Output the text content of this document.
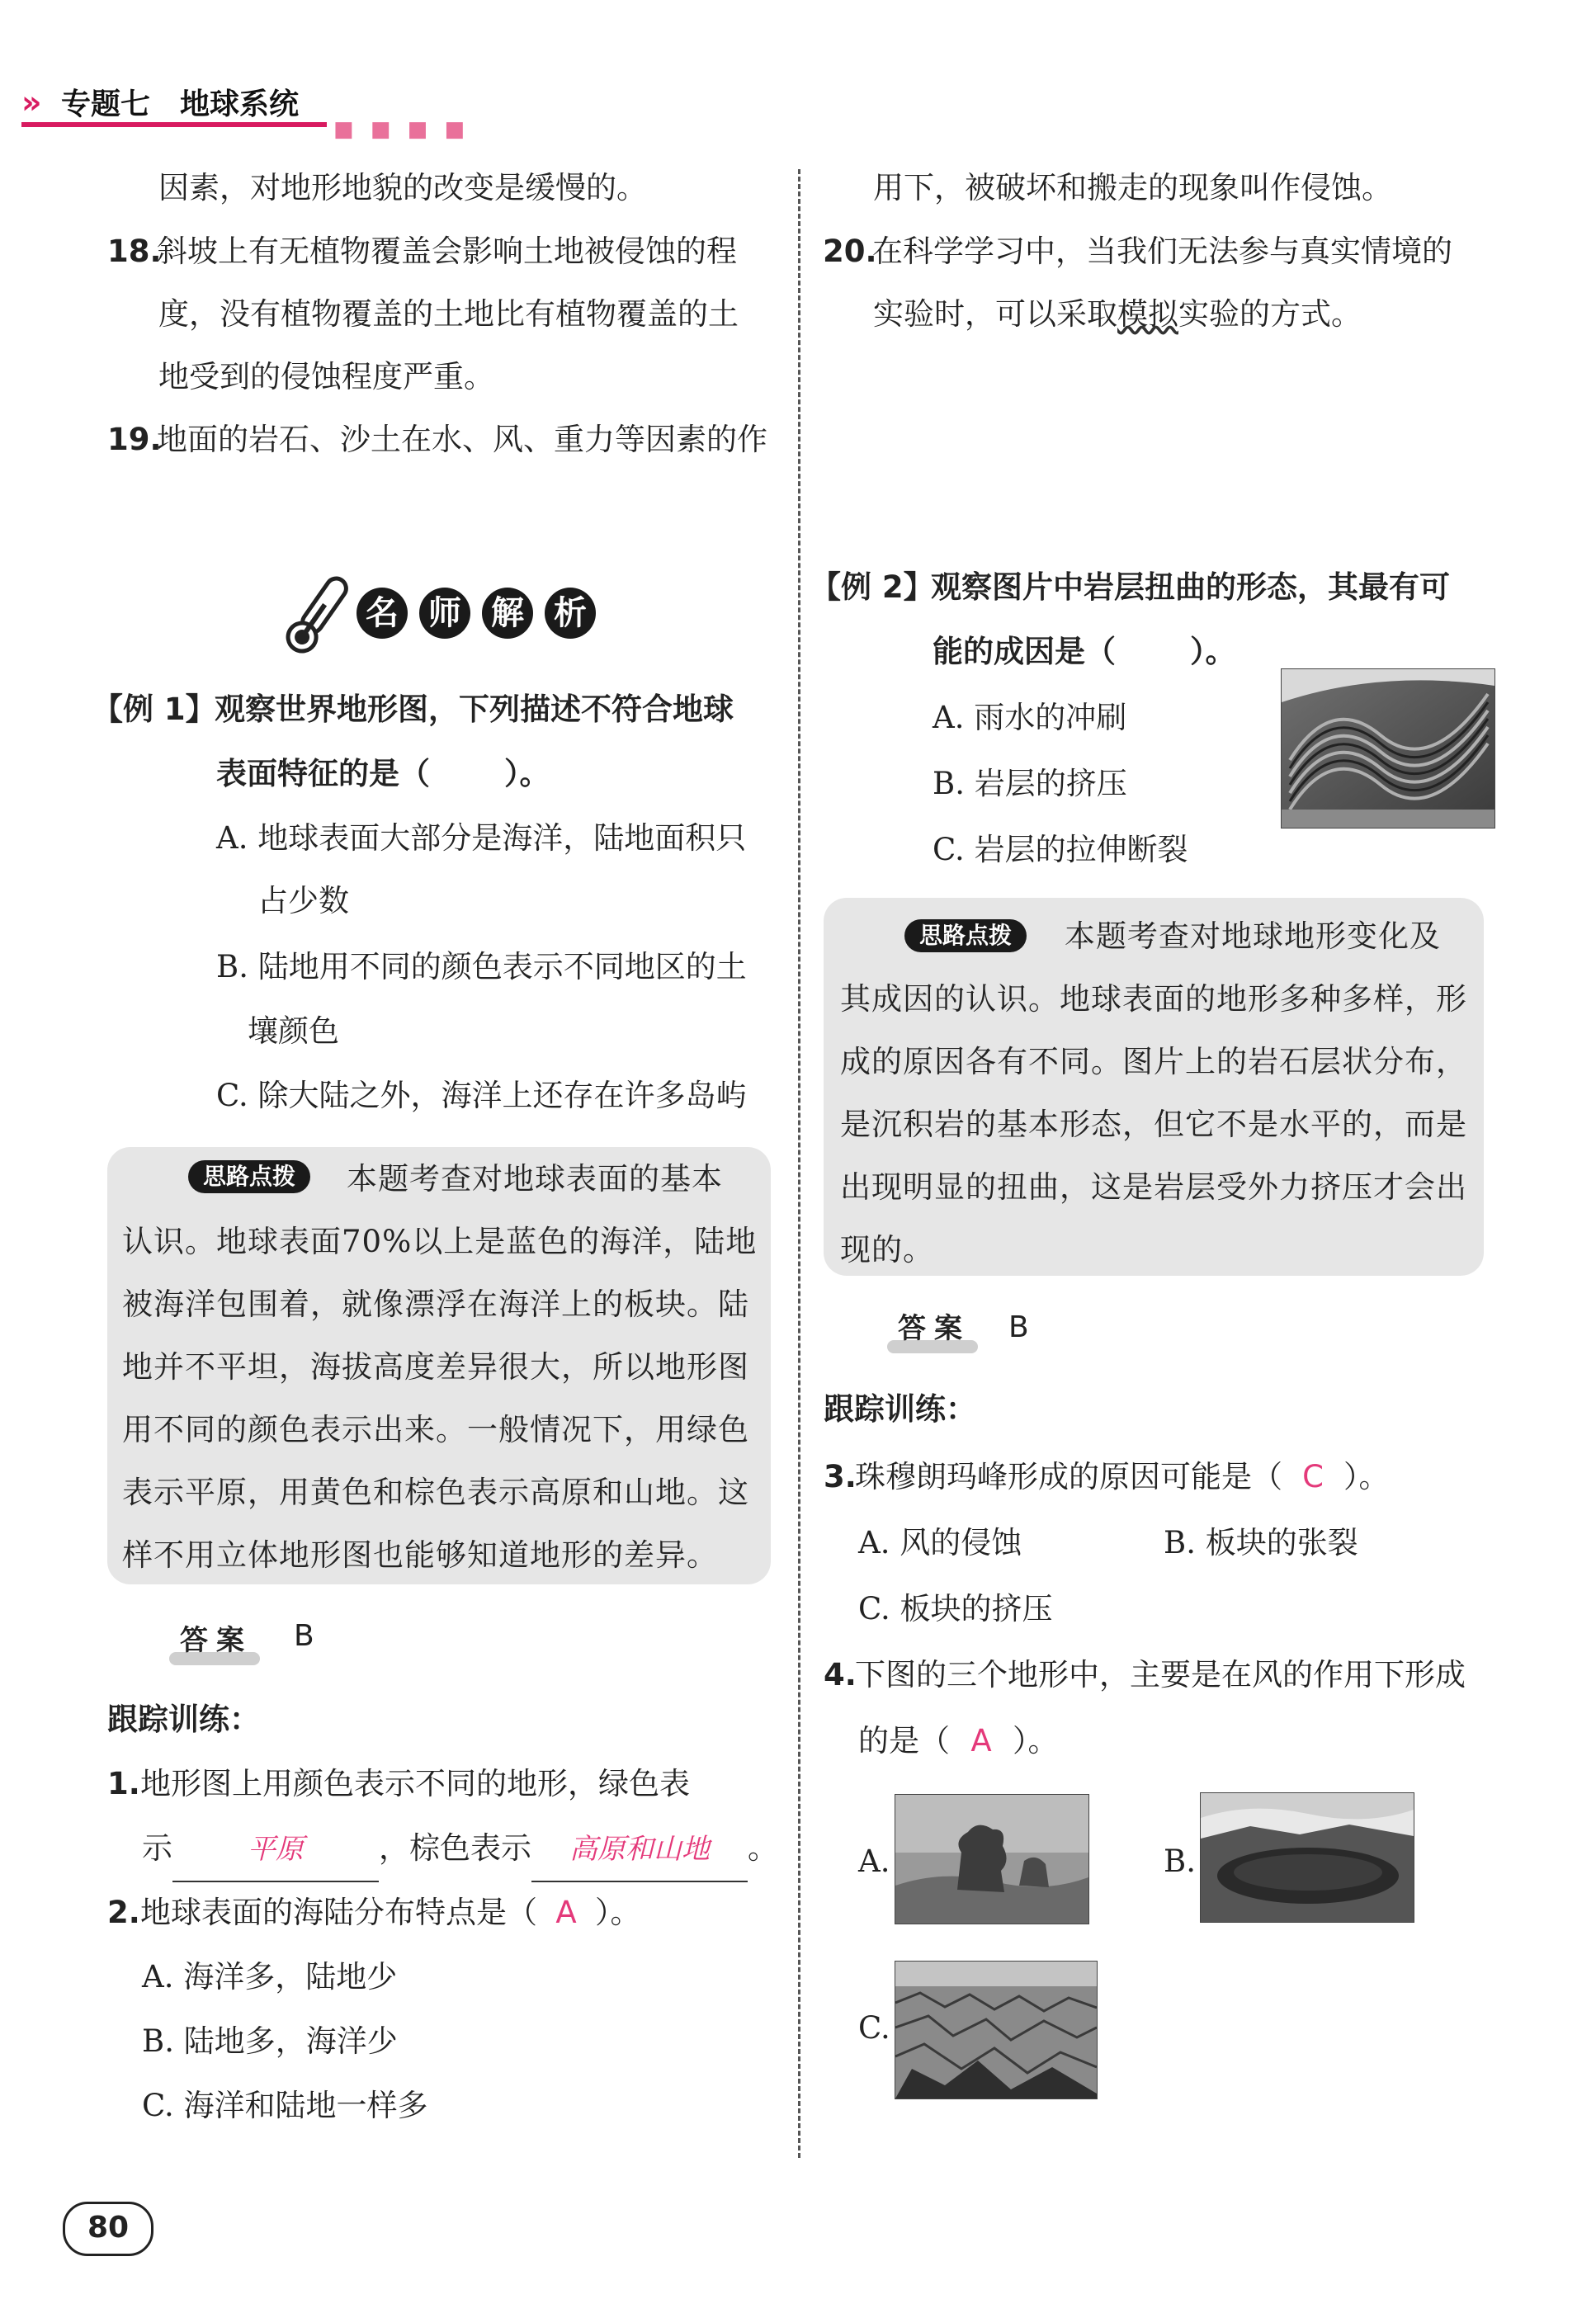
» 专题七　地球系统
■ ■ ■ ■
因素，对地形地貌的改变是缓慢的。
18.
斜坡上有无植物覆盖会影响土地被侵蚀的程
度，没有植物覆盖的土地比有植物覆盖的土
地受到的侵蚀程度严重。
19.
地面的岩石、沙土在水、风、重力等因素的作
用下，被破坏和搬走的现象叫作侵蚀。
20.
在科学学习中，当我们无法参与真实情境的
实验时，可以采取模拟实验的方式。
名 师 解 析
【例 1】
观察世界地形图，下列描述不符合地球
表面特征的是（ ）。
A. 地球表面大部分是海洋，陆地面积只
占少数
B. 陆地用不同的颜色表示不同地区的土
壤颜色
C. 除大陆之外，海洋上还存在许多岛屿
思路点拨	本题考查对地球表面的基本
认识。地球表面70%以上是蓝色的海洋，陆地
被海洋包围着，就像漂浮在海洋上的板块。陆
地并不平坦，海拔高度差异很大，所以地形图
用不同的颜色表示出来。一般情况下，用绿色
表示平原，用黄色和棕色表示高原和山地。这
样不用立体地形图也能够知道地形的差异。
答案 B
跟踪训练：
1. 地形图上用颜色表示不同的地形，绿色表
示	平原 ，棕色表示 高原和山地 。
2. 地球表面的海陆分布特点是（ A ）。
A. 海洋多，陆地少
B. 陆地多，海洋少
C. 海洋和陆地一样多
【例 2】
观察图片中岩层扭曲的形态，其最有可
能的成因是（ ）。
A. 雨水的冲刷
B. 岩层的挤压
C. 岩层的拉伸断裂
思路点拨	本题考查对地球地形变化及
其成因的认识。地球表面的地形多种多样，形
成的原因各有不同。图片上的岩石层状分布，
是沉积岩的基本形态，但它不是水平的，而是
出现明显的扭曲，这是岩层受外力挤压才会出
现的。
答案 B
跟踪训练：
3.
珠穆朗玛峰形成的原因可能是（ C ）。
A. 风的侵蚀	B. 板块的张裂
C. 板块的挤压
4.
下图的三个地形中，主要是在风的作用下形成
的是（ A ）。
A.	B.
C.
80
